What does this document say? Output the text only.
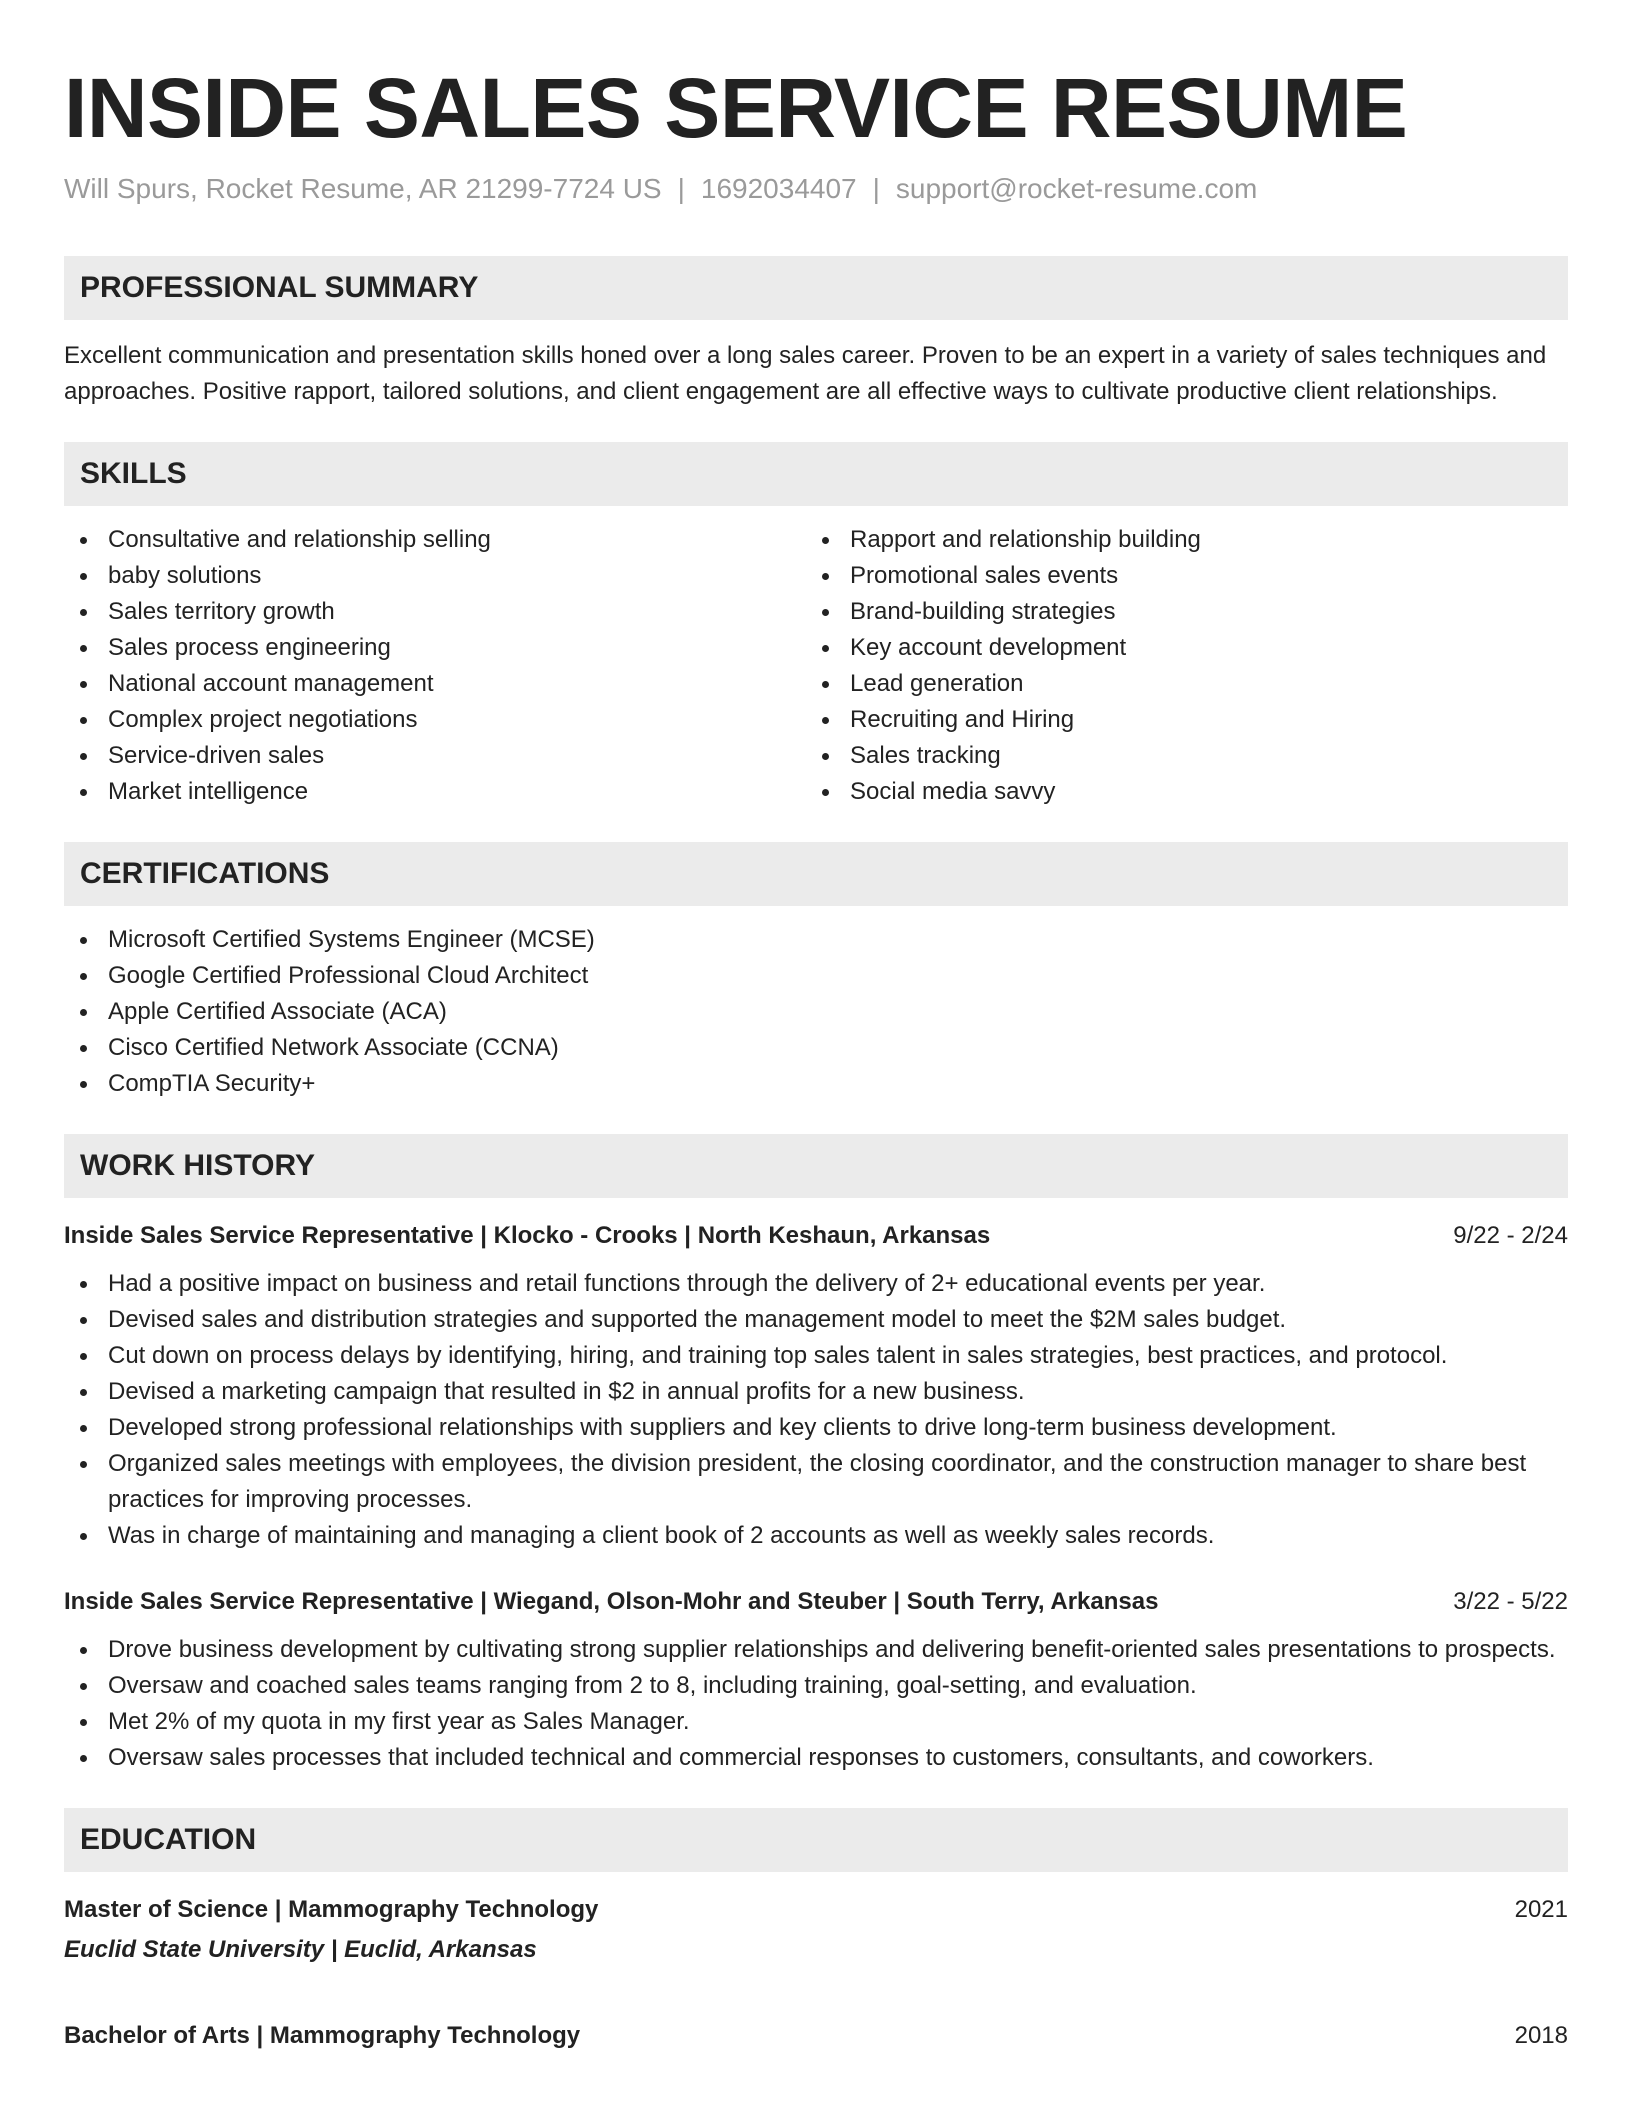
INSIDE SALES SERVICE RESUME
Will Spurs, Rocket Resume, AR 21299-7724 US | 1692034407 | support@rocket-resume.com
PROFESSIONAL SUMMARY

Excellent communication and presentation skills honed over a long sales career. Proven to be an expert in a variety of sales techniques and approaches. Positive rapport, tailored solutions, and client engagement are all effective ways to cultivate productive client relationships.

SKILLS
Consultative and relationship selling
baby solutions
Sales territory growth
Sales process engineering
National account management
Complex project negotiations
Service-driven sales
Market intelligence
Rapport and relationship building
Promotional sales events
Brand-building strategies
Key account development
Lead generation
Recruiting and Hiring
Sales tracking
Social media savvy
CERTIFICATIONS
Microsoft Certified Systems Engineer (MCSE)
Google Certified Professional Cloud Architect
Apple Certified Associate (ACA)
Cisco Certified Network Associate (CCNA)
CompTIA Security+
WORK HISTORY
Inside Sales Service Representative | Klocko - Crooks | North Keshaun, Arkansas	9/22 - 2/24
Had a positive impact on business and retail functions through the delivery of 2+ educational events per year.
Devised sales and distribution strategies and supported the management model to meet the $2M sales budget.
Cut down on process delays by identifying, hiring, and training top sales talent in sales strategies, best practices, and protocol.
Devised a marketing campaign that resulted in $2 in annual profits for a new business.
Developed strong professional relationships with suppliers and key clients to drive long-term business development.
Organized sales meetings with employees, the division president, the closing coordinator, and the construction manager to share best practices for improving processes.
Was in charge of maintaining and managing a client book of 2 accounts as well as weekly sales records.
Inside Sales Service Representative | Wiegand, Olson-Mohr and Steuber | South Terry, Arkansas	3/22 - 5/22
Drove business development by cultivating strong supplier relationships and delivering benefit-oriented sales presentations to prospects.
Oversaw and coached sales teams ranging from 2 to 8, including training, goal-setting, and evaluation.
Met 2% of my quota in my first year as Sales Manager.
Oversaw sales processes that included technical and commercial responses to customers, consultants, and coworkers.
EDUCATION
Master of Science | Mammography Technology	2021
Euclid State University | Euclid, Arkansas
Bachelor of Arts | Mammography Technology	2018
